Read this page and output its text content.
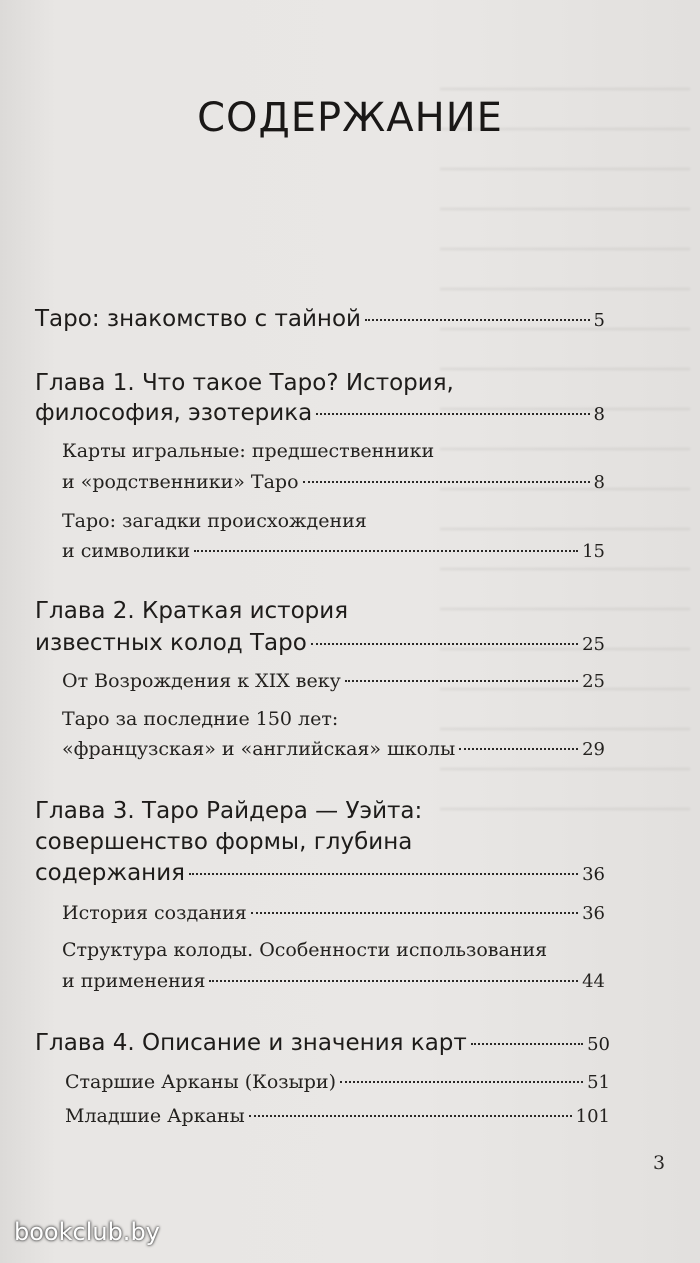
СОДЕРЖАНИЕ
Таро: знакомство с тайной	5
Глава 1. Что такое Таро? История,
философия, эзотерика	8
Карты игральные: предшественники
и «родственники» Таро	8
Таро: загадки происхождения
и символики	15
Глава 2. Краткая история
известных колод Таро	25
От Возрождения к XIX веку	25
Таро за последние 150 лет:
«французская» и «английская» школы	29
Глава 3. Таро Райдера — Уэйта:
совершенство формы, глубина
содержания	36
История создания	36
Структура колоды. Особенности использования
и применения	44
Глава 4. Описание и значения карт	50
Старшие Арканы (Козыри)	51
Младшие Арканы	101
3
bookclub.by
